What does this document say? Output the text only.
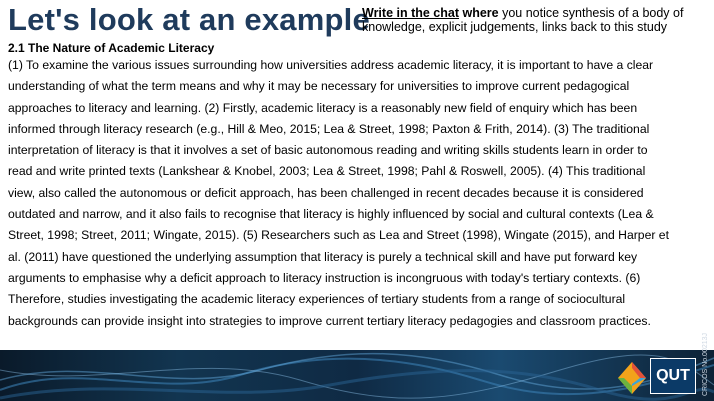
Let's look at an example
Write in the chat where you notice synthesis of a body of knowledge, explicit judgements, links back to this study
2.1 The Nature of Academic Literacy

(1) To examine the various issues surrounding how universities address academic literacy, it is important to have a clear
understanding of what the term means and why it may be necessary for universities to improve current pedagogical
approaches to literacy and learning. (2) Firstly, academic literacy is a reasonably new field of enquiry which has been
informed through literacy research (e.g., Hill & Meo, 2015; Lea & Street, 1998; Paxton & Frith, 2014). (3) The traditional
interpretation of literacy is that it involves a set of basic autonomous reading and writing skills students learn in order to
read and write printed texts (Lankshear & Knobel, 2003; Lea & Street, 1998; Pahl & Roswell, 2005). (4) This traditional
view, also called the autonomous or deficit approach, has been challenged in recent decades because it is considered
outdated and narrow, and it also fails to recognise that literacy is highly influenced by social and cultural contexts (Lea &
Street, 1998; Street, 2011; Wingate, 2015). (5) Researchers such as Lea and Street (1998), Wingate (2015), and Harper et
al. (2011) have questioned the underlying assumption that literacy is purely a technical skill and have put forward key
arguments to emphasise why a deficit approach to literacy instruction is incongruous with today's tertiary contexts. (6)
Therefore, studies investigating the academic literacy experiences of tertiary students from a range of sociocultural
backgrounds can provide insight into strategies to improve current tertiary literacy pedagogies and classroom practices.

QUT	CRICOS No.00213J
